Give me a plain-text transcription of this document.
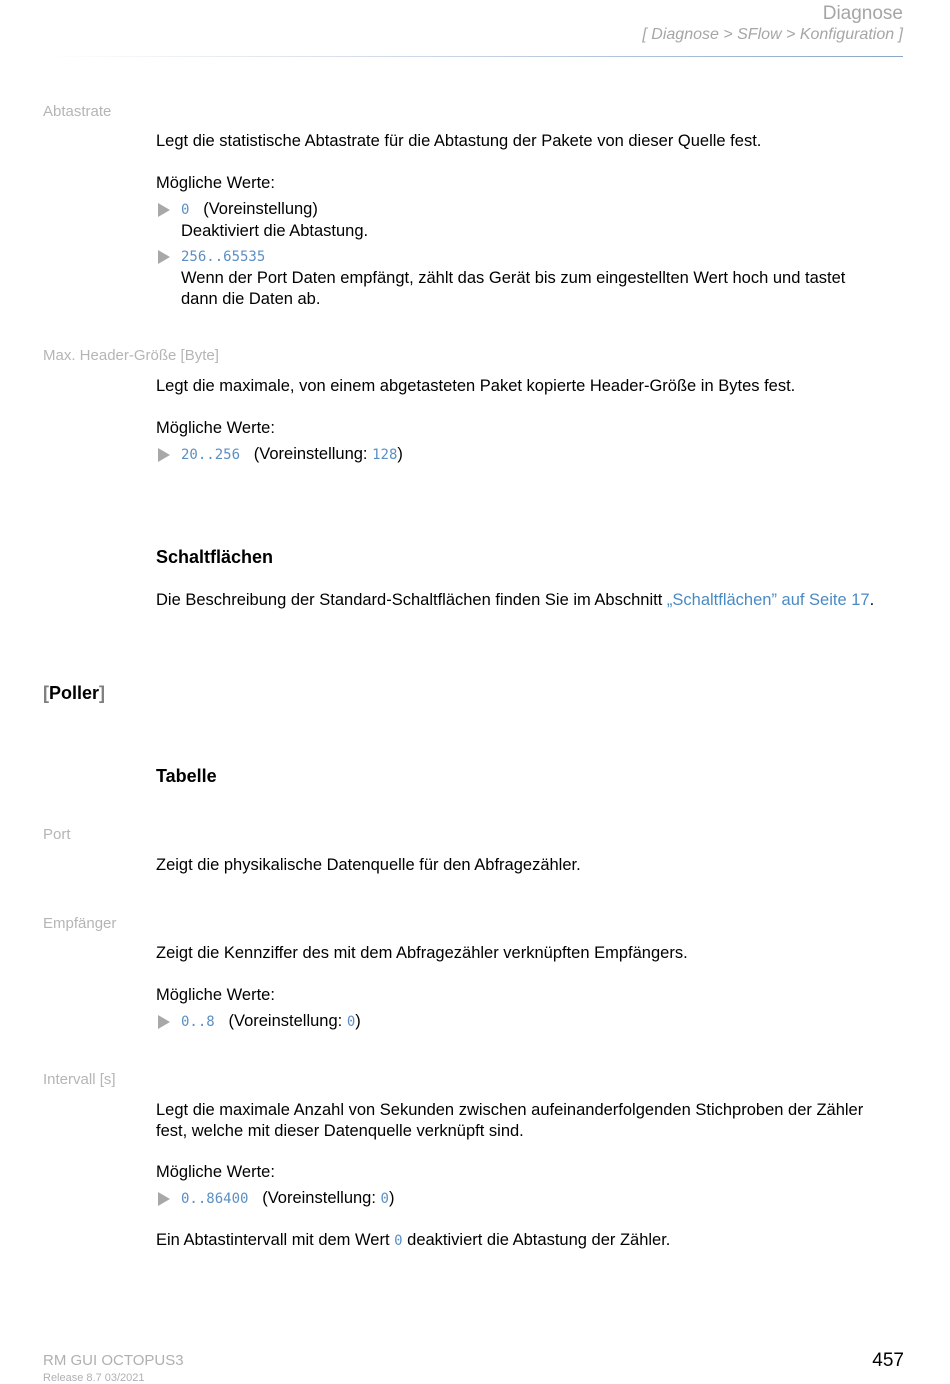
Diagnose
[ Diagnose > SFlow > Konfiguration ]
Abtastrate
Legt die statistische Abtastrate für die Abtastung der Pakete von dieser Quelle fest.
Mögliche Werte:
0 (Voreinstellung)
Deaktiviert die Abtastung.
256..65535
Wenn der Port Daten empfängt, zählt das Gerät bis zum eingestellten Wert hoch und tastet
dann die Daten ab.
Max. Header-Größe [Byte]
Legt die maximale, von einem abgetasteten Paket kopierte Header-Größe in Bytes fest.
Mögliche Werte:
20..256 (Voreinstellung: 128)
Schaltflächen
Die Beschreibung der Standard-Schaltflächen finden Sie im Abschnitt „Schaltflächen” auf Seite 17.
[Poller]
Tabelle
Port
Zeigt die physikalische Datenquelle für den Abfragezähler.
Empfänger
Zeigt die Kennziffer des mit dem Abfragezähler verknüpften Empfängers.
Mögliche Werte:
0..8 (Voreinstellung: 0)
Intervall [s]
Legt die maximale Anzahl von Sekunden zwischen aufeinanderfolgenden Stichproben der Zähler
fest, welche mit dieser Datenquelle verknüpft sind.
Mögliche Werte:
0..86400 (Voreinstellung: 0)
Ein Abtastintervall mit dem Wert 0 deaktiviert die Abtastung der Zähler.
RM GUI OCTOPUS3
Release 8.7 03/2021
457
